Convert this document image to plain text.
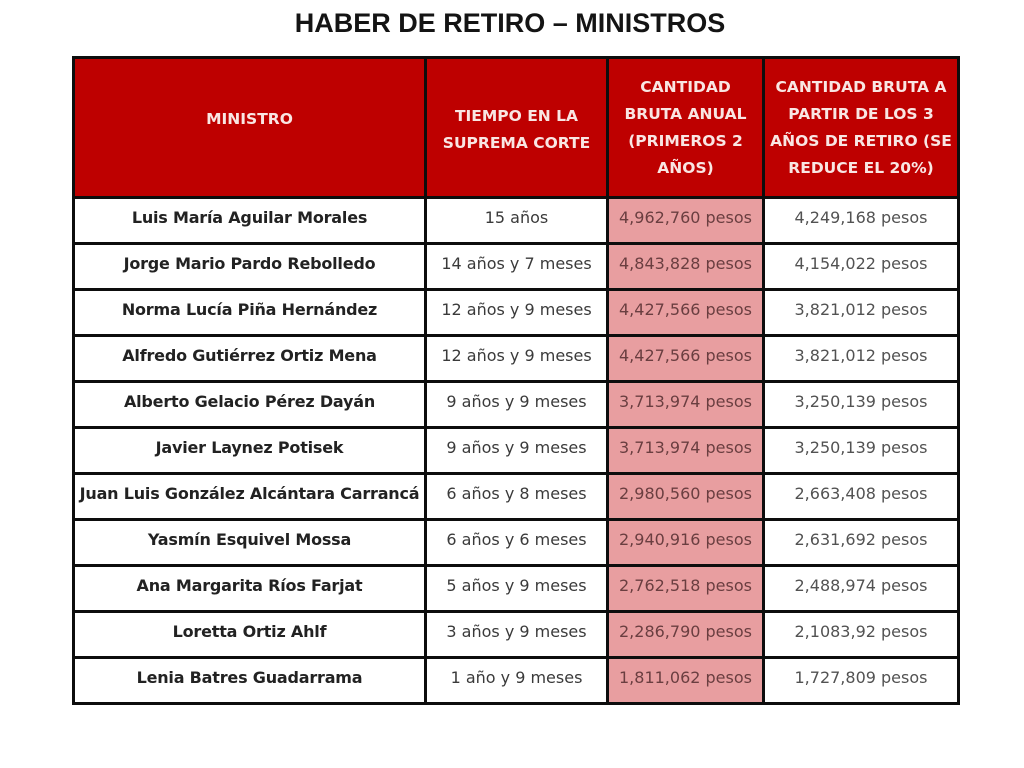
HABER DE RETIRO – MINISTROS
MINISTRO	TIEMPO EN LA SUPREMA CORTE	CANTIDAD BRUTA ANUAL (PRIMEROS 2 AÑOS)	CANTIDAD BRUTA A PARTIR DE LOS 3 AÑOS DE RETIRO (SE REDUCE EL 20%)
Luis María Aguilar Morales	15 años	4,962,760 pesos	4,249,168 pesos
Jorge Mario Pardo Rebolledo	14 años y 7 meses	4,843,828 pesos	4,154,022 pesos
Norma Lucía Piña Hernández	12 años y 9 meses	4,427,566 pesos	3,821,012 pesos
Alfredo Gutiérrez Ortiz Mena	12 años y 9 meses	4,427,566 pesos	3,821,012 pesos
Alberto Gelacio Pérez Dayán	9 años y 9 meses	3,713,974 pesos	3,250,139 pesos
Javier Laynez Potisek	9 años y 9 meses	3,713,974 pesos	3,250,139 pesos
Juan Luis González Alcántara Carrancá	6 años y 8 meses	2,980,560 pesos	2,663,408 pesos
Yasmín Esquivel Mossa	6 años y 6 meses	2,940,916 pesos	2,631,692 pesos
Ana Margarita Ríos Farjat	5 años y 9 meses	2,762,518 pesos	2,488,974 pesos
Loretta Ortiz Ahlf	3 años y 9 meses	2,286,790 pesos	2,1083,92 pesos
Lenia Batres Guadarrama	1 año y 9 meses	1,811,062 pesos	1,727,809 pesos
